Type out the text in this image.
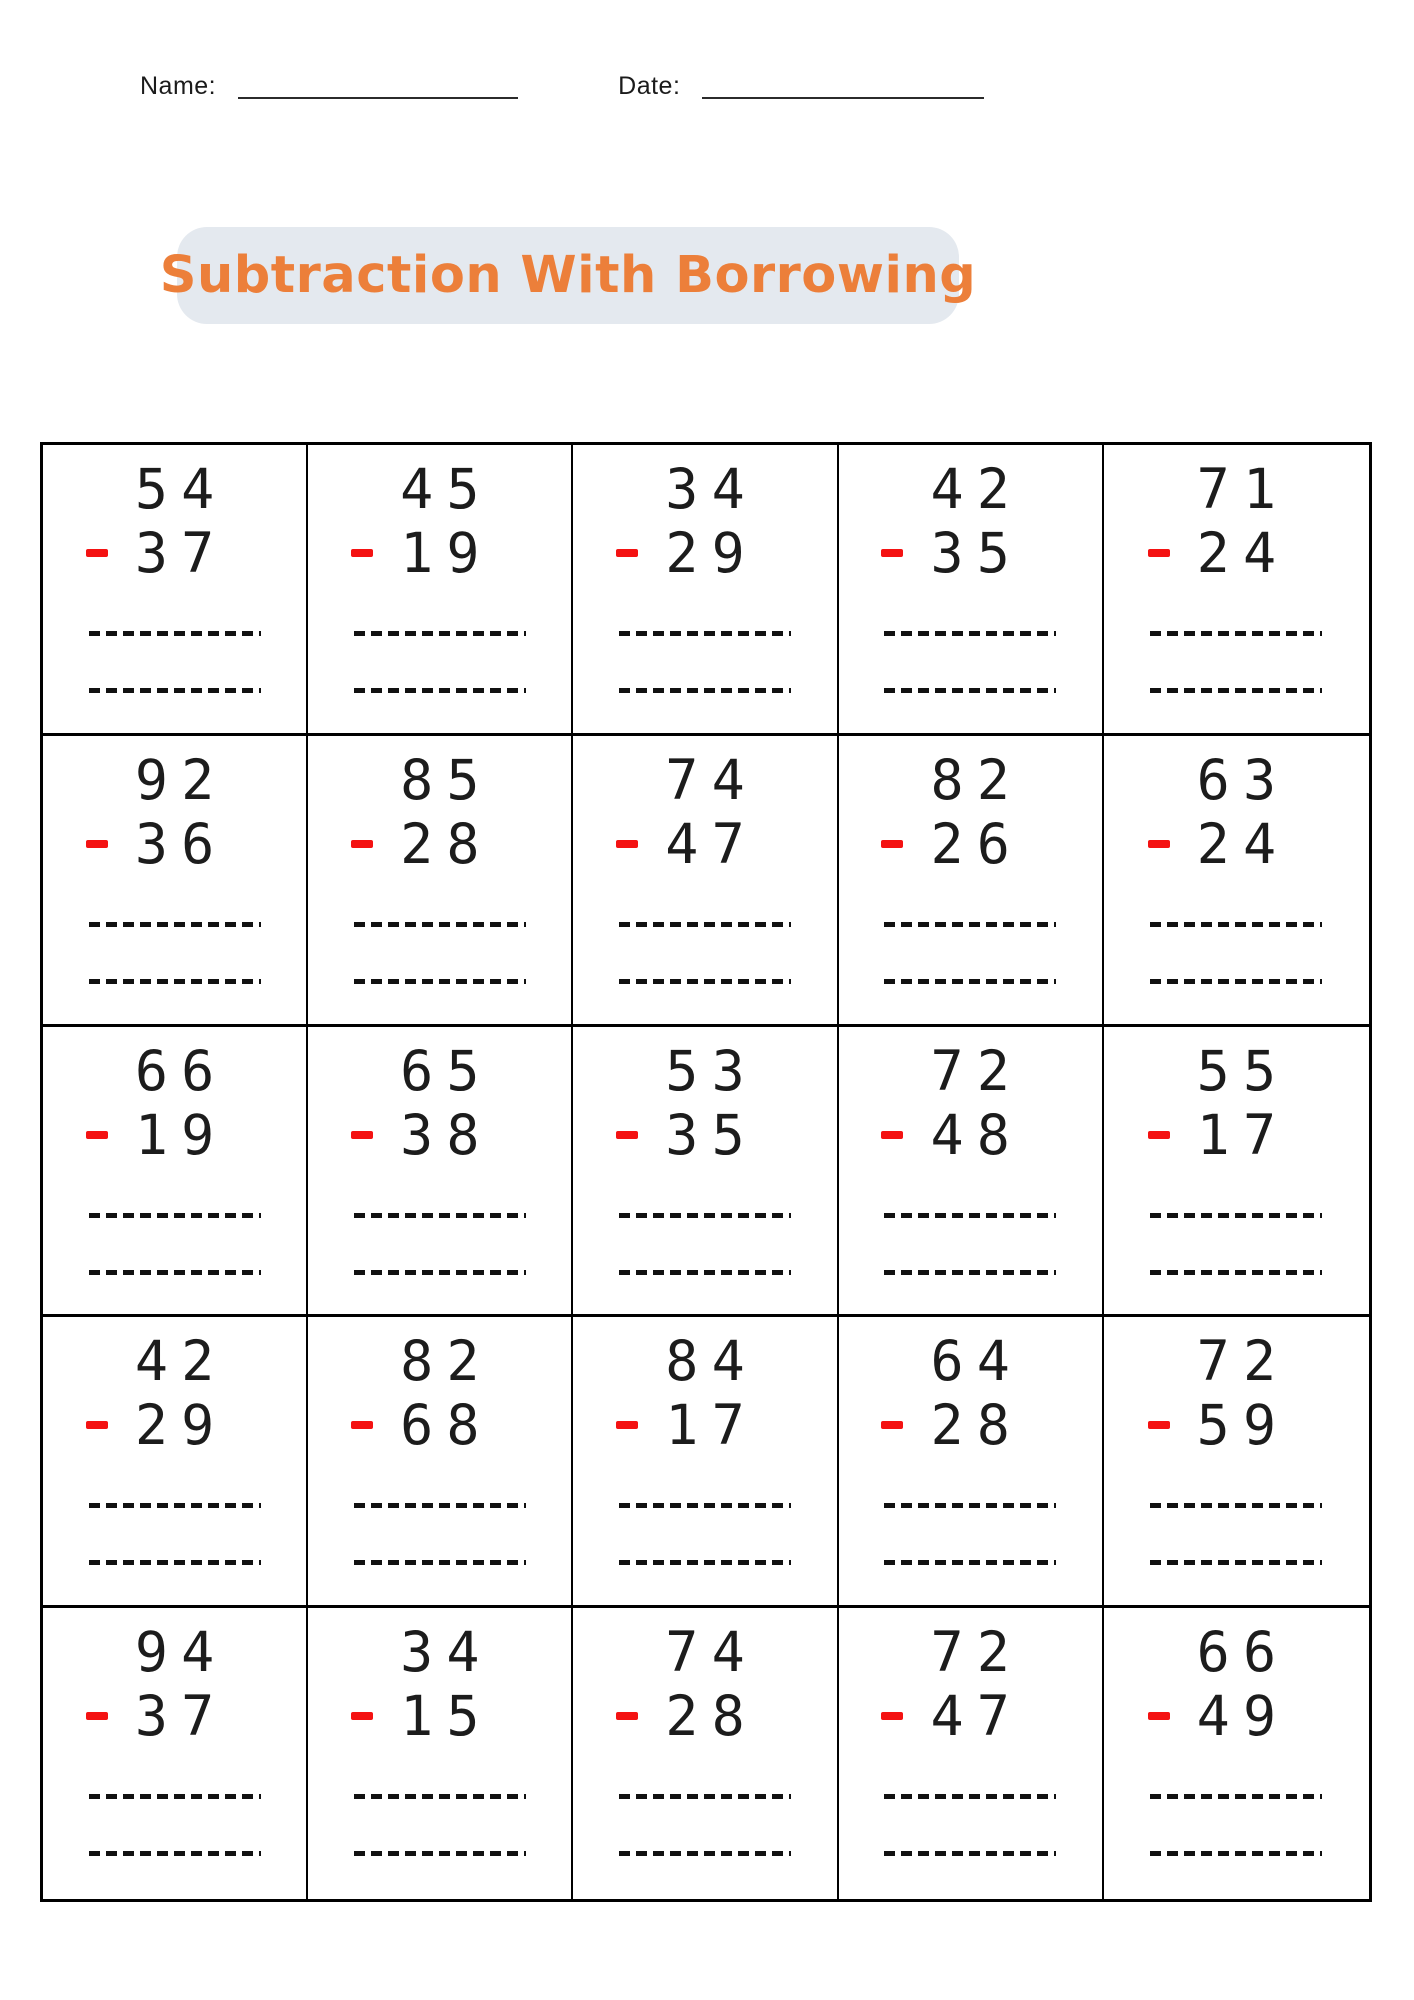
Name:	Date:
Subtraction With Borrowing
54
37
45
19
34
29
42
35
71
24
92
36
85
28
74
47
82
26
63
24
66
19
65
38
53
35
72
48
55
17
42
29
82
68
84
17
64
28
72
59
94
37
34
15
74
28
72
47
66
49
